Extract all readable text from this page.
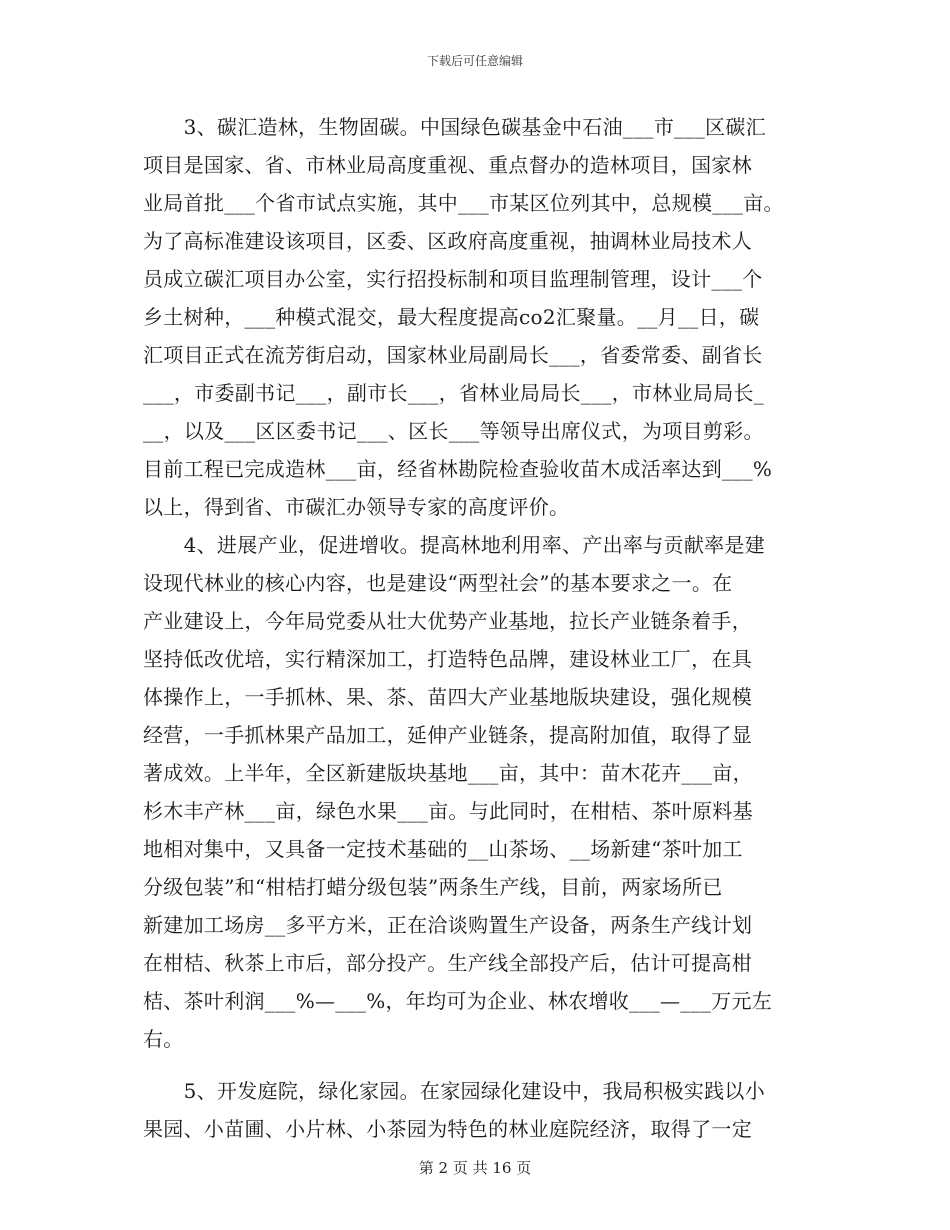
下载后可任意编辑
　　3、碳汇造林，生物固碳。中国绿色碳基金中石油___市___区碳汇
项目是国家、省、市林业局高度重视、重点督办的造林项目，国家林
业局首批___个省市试点实施，其中___市某区位列其中，总规模___亩。
为了高标准建设该项目，区委、区政府高度重视，抽调林业局技术人
员成立碳汇项目办公室，实行招投标制和项目监理制管理，设计___个
乡土树种，___种模式混交，最大程度提高co2汇聚量。__月__日，碳
汇项目正式在流芳街启动，国家林业局副局长___，省委常委、副省长
___，市委副书记___，副市长___，省林业局局长___，市林业局局长_
__，以及___区区委书记___、区长___等领导出席仪式，为项目剪彩。
目前工程已完成造林___亩，经省林勘院检查验收苗木成活率达到___%
以上，得到省、市碳汇办领导专家的高度评价。
　　4、进展产业，促进增收。提高林地利用率、产出率与贡献率是建
设现代林业的核心内容，也是建设“两型社会”的基本要求之一。在
产业建设上，今年局党委从壮大优势产业基地，拉长产业链条着手，
坚持低改优培，实行精深加工，打造特色品牌，建设林业工厂，在具
体操作上，一手抓林、果、茶、苗四大产业基地版块建设，强化规模
经营，一手抓林果产品加工，延伸产业链条，提高附加值，取得了显
著成效。上半年，全区新建版块基地___亩，其中：苗木花卉___亩，
杉木丰产林___亩，绿色水果___亩。与此同时，在柑桔、茶叶原料基
地相对集中，又具备一定技术基础的__山茶场、__场新建“茶叶加工
分级包装”和“柑桔打蜡分级包装”两条生产线，目前，两家场所已
新建加工场房__多平方米，正在洽谈购置生产设备，两条生产线计划
在柑桔、秋茶上市后，部分投产。生产线全部投产后，估计可提高柑
桔、茶叶利润___%—___%，年均可为企业、林农增收___—___万元左
右。
　　5、开发庭院，绿化家园。在家园绿化建设中，我局积极实践以小
果园、小苗圃、小片林、小茶园为特色的林业庭院经济，取得了一定
第 2 页 共 16 页
